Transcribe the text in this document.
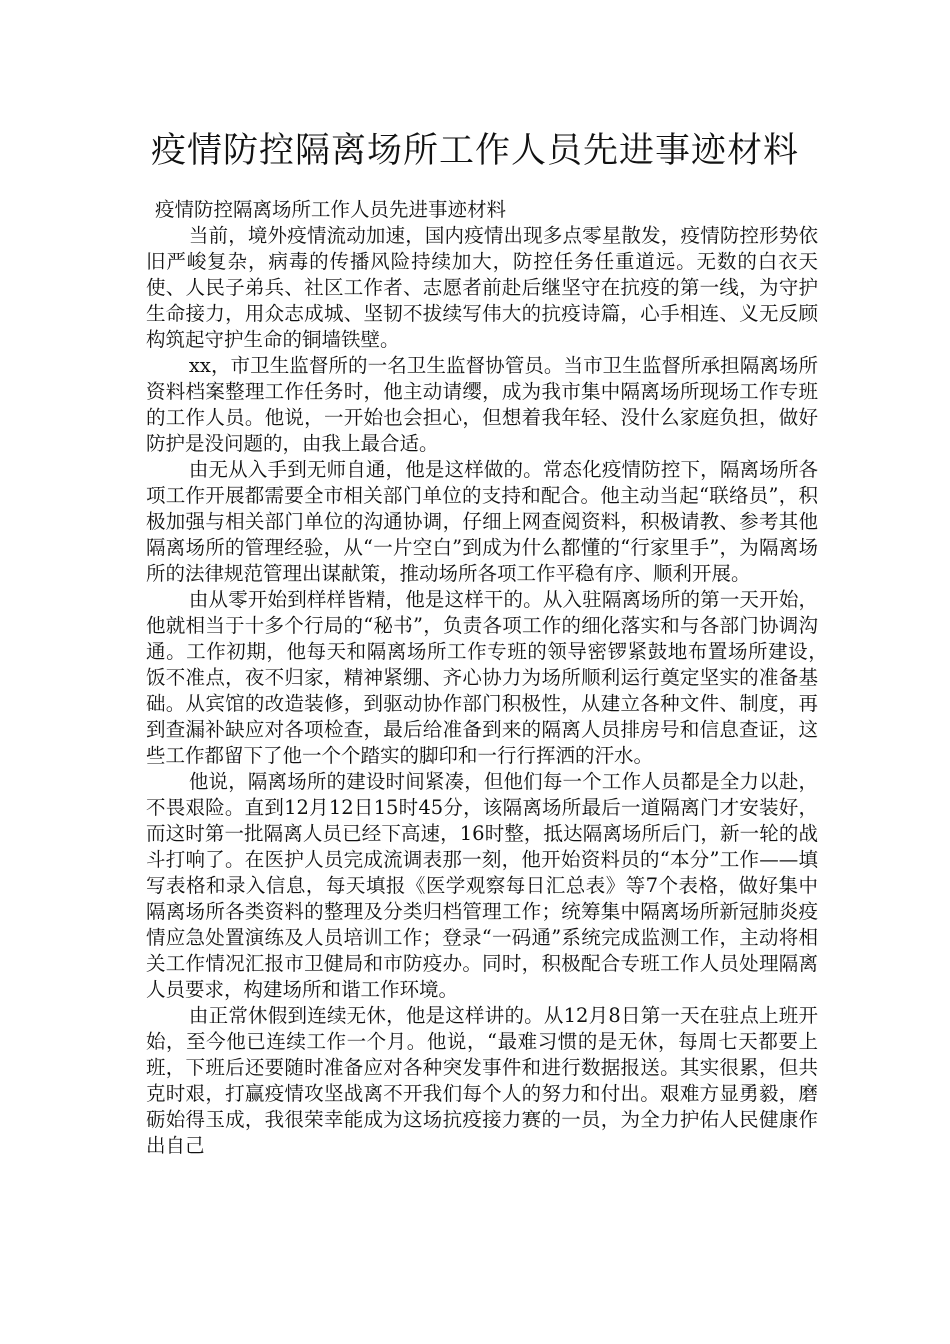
疫情防控隔离场所工作人员先进事迹材料

疫情防控隔离场所工作人员先进事迹材料

当前，境外疫情流动加速，国内疫情出现多点零星散发，疫情防控形势依旧严峻复杂，病毒的传播风险持续加大，防控任务任重道远。无数的白衣天使、人民子弟兵、社区工作者、志愿者前赴后继坚守在抗疫的第一线，为守护生命接力，用众志成城、坚韧不拔续写伟大的抗疫诗篇，心手相连、义无反顾构筑起守护生命的铜墙铁壁。

xx，市卫生监督所的一名卫生监督协管员。当市卫生监督所承担隔离场所资料档案整理工作任务时，他主动请缨，成为我市集中隔离场所现场工作专班的工作人员。他说，一开始也会担心，但想着我年轻、没什么家庭负担，做好防护是没问题的，由我上最合适。

由无从入手到无师自通，他是这样做的。常态化疫情防控下，隔离场所各项工作开展都需要全市相关部门单位的支持和配合。他主动当起“联络员”，积极加强与相关部门单位的沟通协调，仔细上网查阅资料，积极请教、参考其他隔离场所的管理经验，从“一片空白”到成为什么都懂的“行家里手”，为隔离场所的法律规范管理出谋献策，推动场所各项工作平稳有序、顺利开展。

由从零开始到样样皆精，他是这样干的。从入驻隔离场所的第一天开始，他就相当于十多个行局的“秘书”，负责各项工作的细化落实和与各部门协调沟通。工作初期，他每天和隔离场所工作专班的领导密锣紧鼓地布置场所建设，　饭不准点，夜不归家，精神紧绷、齐心协力为场所顺利运行奠定坚实的准备基础。从宾馆的改造装修，到驱动协作部门积极性，从建立各种文件、制度，再到查漏补缺应对各项检查，最后给准备到来的隔离人员排房号和信息查证，这些工作都留下了他一个个踏实的脚印和一行行挥洒的汗水。

他说，隔离场所的建设时间紧凑，但他们每一个工作人员都是全力以赴，不畏艰险。直到12月12日15时45分，该隔离场所最后一道隔离门才安装好，而这时第一批隔离人员已经下高速，16时整，抵达隔离场所后门，新一轮的战斗打响了。在医护人员完成流调表那一刻，他开始资料员的“本分”工作——填写表格和录入信息，每天填报《医学观察每日汇总表》等7个表格，做好集中隔离场所各类资料的整理及分类归档管理工作；统筹集中隔离场所新冠肺炎疫情应急处置演练及人员培训工作；登录“一码通”系统完成监测工作，主动将相关工作情况汇报市卫健局和市防疫办。同时，积极配合专班工作人员处理隔离人员要求，构建场所和谐工作环境。

由正常休假到连续无休，他是这样讲的。从12月8日第一天在驻点上班开始，至今他已连续工作一个月。他说，“最难习惯的是无休，每周七天都要上班，下班后还要随时准备应对各种突发事件和进行数据报送。其实很累，但共克时艰，打赢疫情攻坚战离不开我们每个人的努力和付出。艰难方显勇毅，磨砺始得玉成，我很荣幸能成为这场抗疫接力赛的一员，为全力护佑人民健康作出自己
